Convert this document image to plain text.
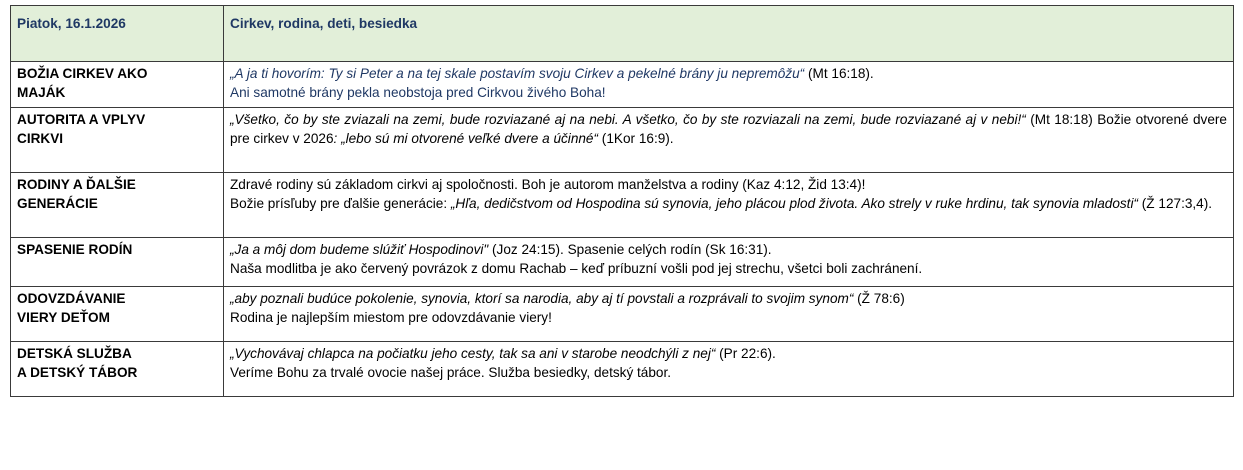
Piatok, 16.1.2026	Cirkev, rodina, deti, besiedka

BOŽIA CIRKEV AKO
MAJÁK	„A ja ti hovorím: Ty si Peter a na tej skale postavím svoju Cirkev a pekelné brány ju nepremôžu“ (Mt 16:18).
Ani samotné brány pekla neobstoja pred Cirkvou živého Boha!

AUTORITA A VPLYV
CIRKVI	„Všetko, čo by ste zviazali na zemi, bude rozviazané aj na nebi. A všetko, čo by ste rozviazali na zemi, bude rozviazané aj v nebi!“ (Mt 18:18) Božie otvorené dvere pre cirkev v 2026: „lebo sú mi otvorené veľké dvere a účinné“ (1Kor 16:9).

RODINY A ĎALŠIE
GENERÁCIE	Zdravé rodiny sú základom cirkvi aj spoločnosti. Boh je autorom manželstva a rodiny (Kaz 4:12, Žid 13:4)!
Božie prísľuby pre ďalšie generácie: „Hľa, dedičstvom od Hospodina sú synovia, jeho plácou plod života. Ako strely v ruke hrdinu, tak synovia mladosti“ (Ž 127:3,4).

SPASENIE RODÍN	„Ja a môj dom budeme slúžiť Hospodinovi" (Joz 24:15). Spasenie celých rodín (Sk 16:31).
Naša modlitba je ako červený povrázok z domu Rachab – keď príbuzní vošli pod jej strechu, všetci boli zachránení.

ODOVZDÁVANIE
VIERY DEŤOM	„aby poznali budúce pokolenie, synovia, ktorí sa narodia, aby aj tí povstali a rozprávali to svojim synom“ (Ž 78:6)
Rodina je najlepším miestom pre odovzdávanie viery!

DETSKÁ SLUŽBA
A DETSKÝ TÁBOR	„Vychovávaj chlapca na počiatku jeho cesty, tak sa ani v starobe neodchýli z nej“ (Pr 22:6).
Veríme Bohu za trvalé ovocie našej práce. Služba besiedky, detský tábor.
